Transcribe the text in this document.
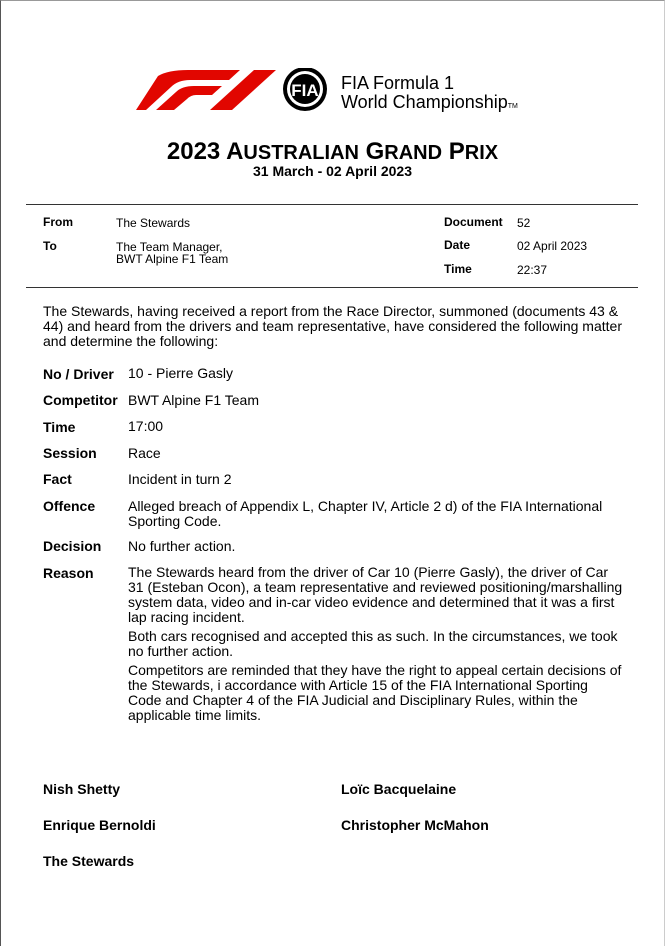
FIA FIA Formula 1
World ChampionshipTM
2023 AUSTRALIAN GRAND PRIX
31 March - 02 April 2023
From	The Stewards
To	The Team Manager,
BWT Alpine F1 Team
Document 52
Date	02 April 2023
Time	22:37
The Stewards, having received a report from the Race Director, summoned (documents 43 & 44) and heard from the drivers and team representative, have considered the following matter and determine the following:
No / Driver 10 - Pierre Gasly
Competitor BWT Alpine F1 Team
Time	17:00
Session Race
Fact	Incident in turn 2
Offence Alleged breach of Appendix L, Chapter IV, Article 2 d) of the FIA International Sporting Code.
Decision No further action.
Reason The Stewards heard from the driver of Car 10 (Pierre Gasly), the driver of Car 31 (Esteban Ocon), a team representative and reviewed positioning/marshalling system data, video and in-car video evidence and determined that it was a first lap racing incident.
Both cars recognised and accepted this as such. In the circumstances, we took no further action.
Competitors are reminded that they have the right to appeal certain decisions of the Stewards, i accordance with Article 15 of the FIA International Sporting Code and Chapter 4 of the FIA Judicial and Disciplinary Rules, within the applicable time limits.
Nish Shetty	Loïc Bacquelaine
Enrique Bernoldi	Christopher McMahon
The Stewards
